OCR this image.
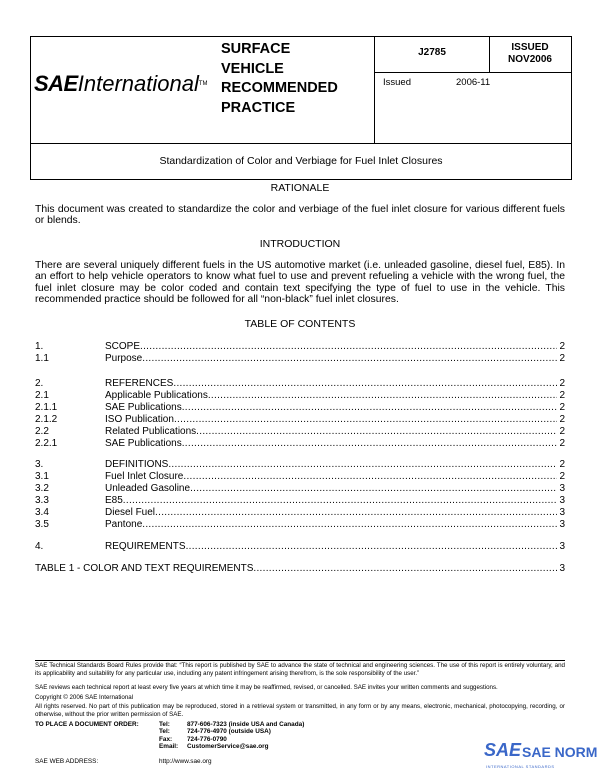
SAEInternational™
SURFACE
VEHICLE
RECOMMENDED
PRACTICE
J2785	ISSUED
NOV2006
Issued	2006-11
Standardization of Color and Verbiage for Fuel Inlet Closures
RATIONALE
This document was created to standardize the color and verbiage of the fuel inlet closure for various different fuels or blends.
INTRODUCTION
There are several uniquely different fuels in the US automotive market (i.e. unleaded gasoline, diesel fuel, E85). In an effort to help vehicle operators to know what fuel to use and prevent refueling a vehicle with the wrong fuel, the fuel inlet closure may be color coded and contain text specifying the type of fuel to use in the vehicle. This recommended practice should be followed for all “non-black” fuel inlet closures.
TABLE OF CONTENTS
1.	SCOPE .....	2
1.1	Purpose .....	2
2.	REFERENCES .....	2
2.1	Applicable Publications .....	2
2.1.1	SAE Publications .....	2
2.1.2	ISO Publication .....	2
2.2	Related Publications .....	2
2.2.1	SAE Publications .....	2
3.	DEFINITIONS .....	2
3.1	Fuel Inlet Closure .....	2
3.2	Unleaded Gasoline .....	3
3.3	E85 .....	3
3.4	Diesel Fuel .....	3
3.5	Pantone .....	3
4.	REQUIREMENTS .....	3
TABLE 1 - COLOR AND TEXT REQUIREMENTS .....	3
SAE Technical Standards Board Rules provide that: “This report is published by SAE to advance the state of technical and engineering sciences. The use of this report is entirely voluntary, and its applicability and suitability for any particular use, including any patent infringement arising therefrom, is the sole responsibility of the user.”
SAE reviews each technical report at least every five years at which time it may be reaffirmed, revised, or cancelled. SAE invites your written comments and suggestions.
Copyright © 2006 SAE International
All rights reserved. No part of this publication may be reproduced, stored in a retrieval system or transmitted, in any form or by any means, electronic, mechanical, photocopying, recording, or otherwise, without the prior written permission of SAE.
TO PLACE A DOCUMENT ORDER:	Tel:	877-606-7323 (inside USA and Canada)
Tel:	724-776-4970 (outside USA)
Fax: 724-776-0790
Email: CustomerService@sae.org
SAE WEB ADDRESS:	http://www.sae.org
SAE SAE NORM
INTERNATIONAL STANDARDS
